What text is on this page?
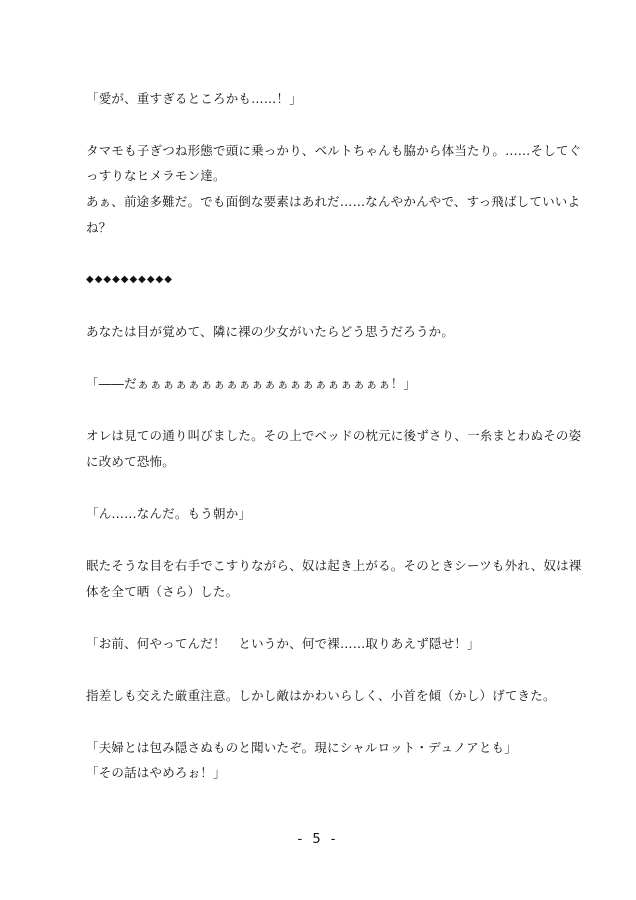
「愛が、重すぎるところかも……！」
タマモも子ぎつね形態で頭に乗っかり、ベルトちゃんも脇から体当たり。……そしてぐ
っすりなヒメラモン達。
あぁ、前途多難だ。でも面倒な要素はあれだ……なんやかんやで、すっ飛ばしていいよ
ね？
◆◆◆◆◆◆◆◆◆◆
あなたは目が覚めて、隣に裸の少女がいたらどう思うだろうか。
「――だぁぁぁぁぁぁぁぁぁぁぁぁぁぁぁぁぁぁぁぁ！」
オレは見ての通り叫びました。その上でベッドの枕元に後ずさり、一糸まとわぬその姿
に改めて恐怖。
「ん……なんだ。もう朝か」
眠たそうな目を右手でこすりながら、奴は起き上がる。そのときシーツも外れ、奴は裸
体を全て晒（さら）した。
「お前、何やってんだ！　というか、何で裸……取りあえず隠せ！」
指差しも交えた厳重注意。しかし敵はかわいらしく、小首を傾（かし）げてきた。
「夫婦とは包み隠さぬものと聞いたぞ。現にシャルロット・デュノアとも」
「その話はやめろぉ！」
- 5 -
